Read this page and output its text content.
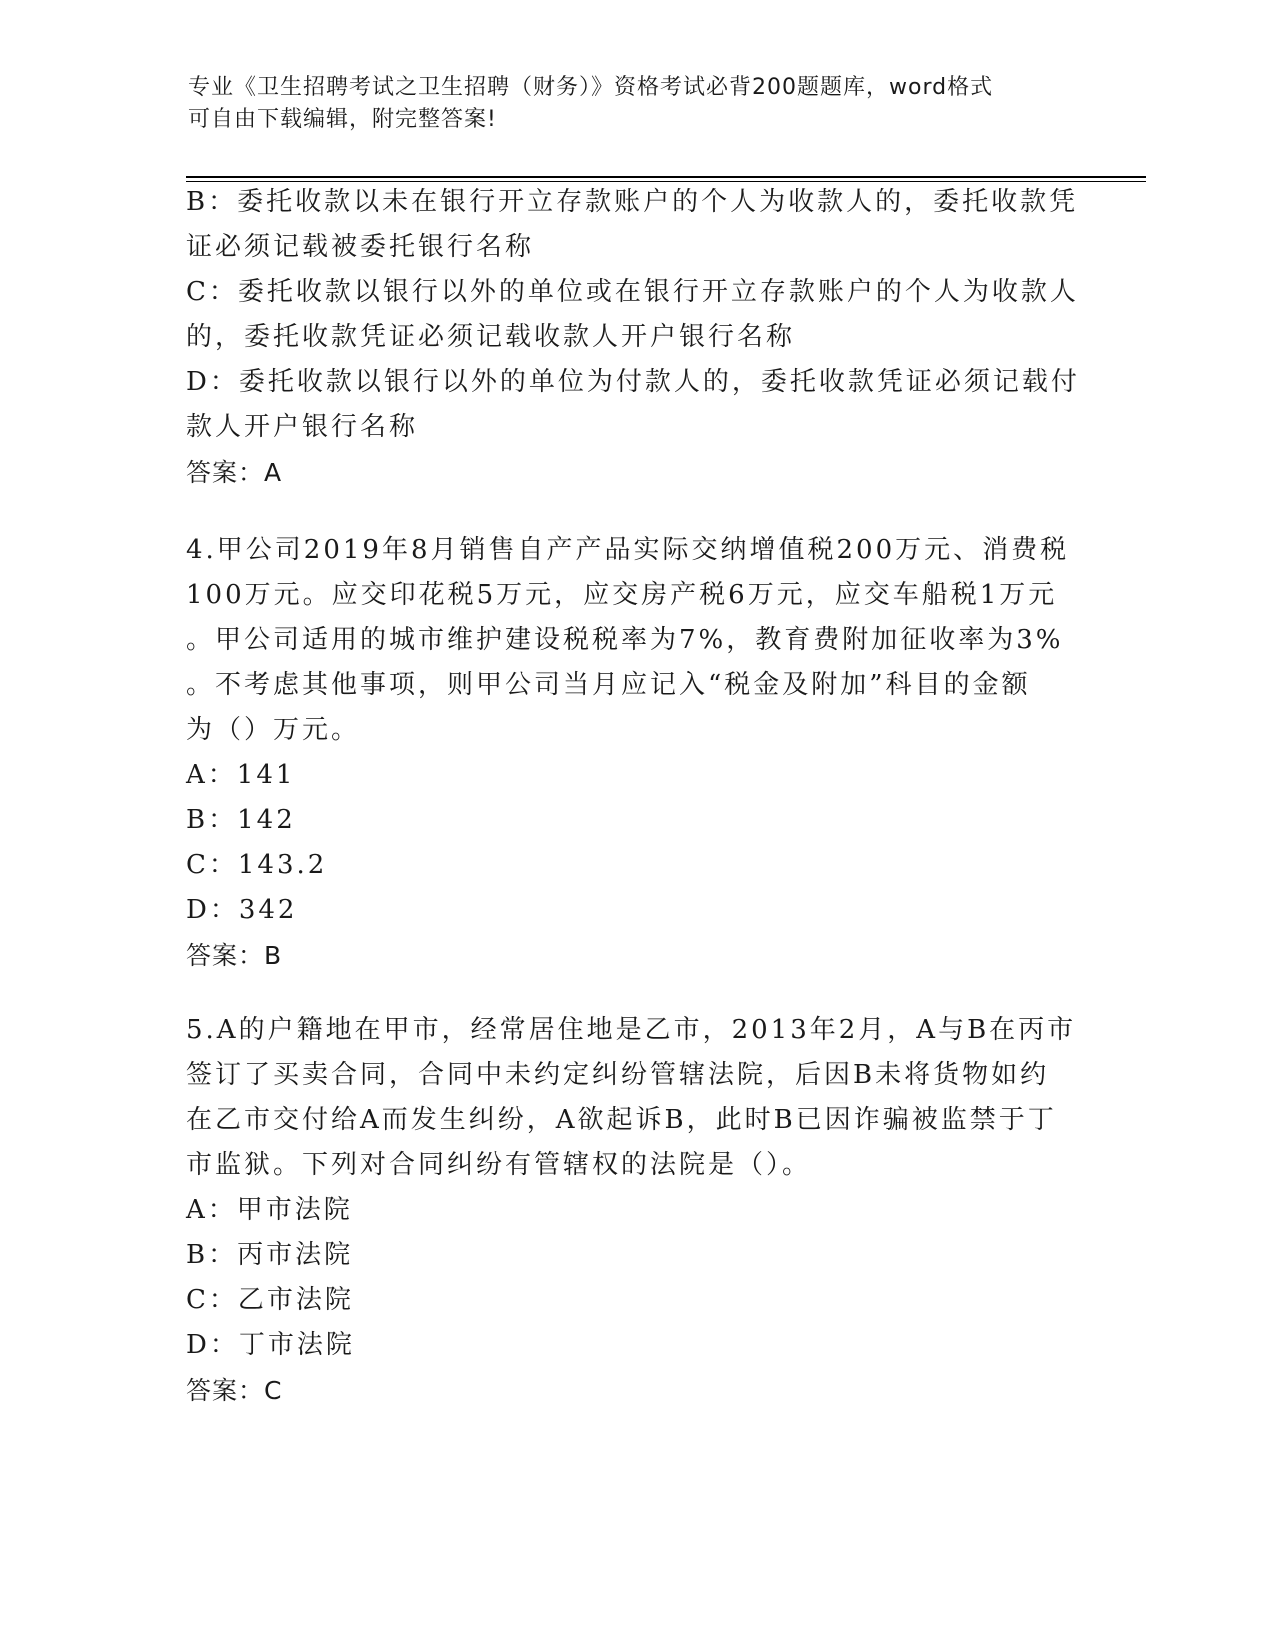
专业《卫生招聘考试之卫生招聘（财务）》资格考试必背200题题库，word格式
可自由下载编辑，附完整答案!
B：委托收款以未在银行开立存款账户的个人为收款人的，委托收款凭
证必须记载被委托银行名称
C：委托收款以银行以外的单位或在银行开立存款账户的个人为收款人
的，委托收款凭证必须记载收款人开户银行名称
D：委托收款以银行以外的单位为付款人的，委托收款凭证必须记载付
款人开户银行名称
答案：A
4.甲公司2019年8月销售自产产品实际交纳增值税200万元、消费税
100万元。应交印花税5万元，应交房产税6万元，应交车船税1万元
。甲公司适用的城市维护建设税税率为7%，教育费附加征收率为3%
。不考虑其他事项，则甲公司当月应记入“税金及附加”科目的金额
为（）万元。
A：141
B：142
C：143.2
D：342
答案：B
5.A的户籍地在甲市，经常居住地是乙市，2013年2月，A与B在丙市
签订了买卖合同，合同中未约定纠纷管辖法院，后因B未将货物如约
在乙市交付给A而发生纠纷，A欲起诉B，此时B已因诈骗被监禁于丁
市监狱。下列对合同纠纷有管辖权的法院是（）。
A：甲市法院
B：丙市法院
C：乙市法院
D：丁市法院
答案：C
